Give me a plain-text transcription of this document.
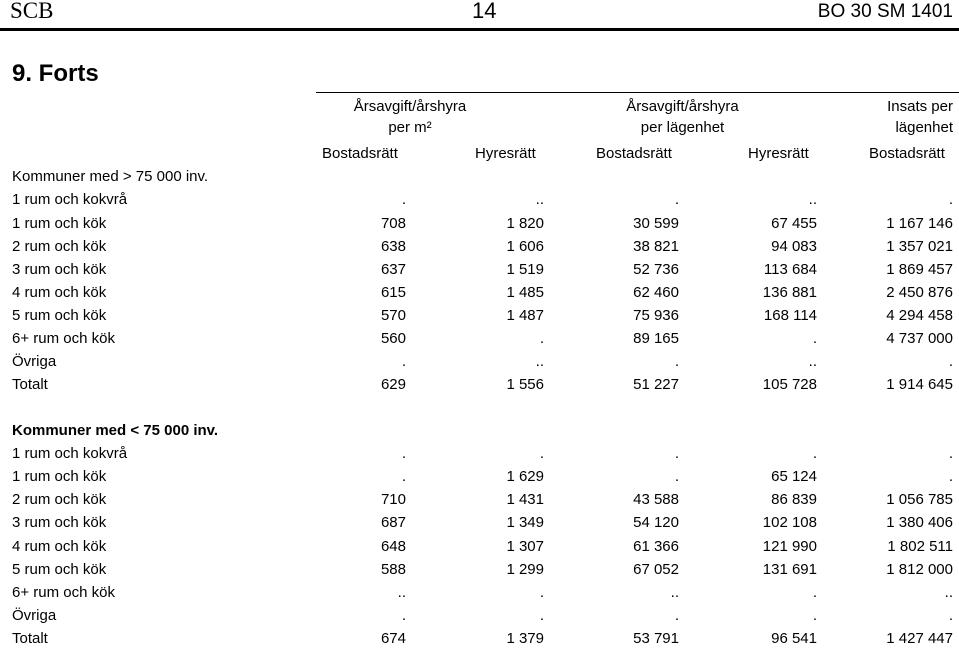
SCB	14	BO 30 SM 1401
9. Forts
Årsavgift/årshyra
per m²
Årsavgift/årshyra
per lägenhet
Insats per
lägenhet
Bostadsrätt	Hyresrätt	Bostadsrätt	Hyresrätt	Bostadsrätt
Kommuner med > 75 000 inv.
1 rum och kokvrå	.	..	.	..	.
1 rum och kök	708	1 820	30 599	67 455	1 167 146
2 rum och kök	638	1 606	38 821	94 083	1 357 021
3 rum och kök	637	1 519	52 736	113 684	1 869 457
4 rum och kök	615	1 485	62 460	136 881	2 450 876
5 rum och kök	570	1 487	75 936	168 114	4 294 458
6+ rum och kök	560	.	89 165	.	4 737 000
Övriga	.	..	.	..	.
Totalt	629	1 556	51 227	105 728	1 914 645
Kommuner med < 75 000 inv.
1 rum och kokvrå	.	.	.	.	.
1 rum och kök	.	1 629	.	65 124	.
2 rum och kök	710	1 431	43 588	86 839	1 056 785
3 rum och kök	687	1 349	54 120	102 108	1 380 406
4 rum och kök	648	1 307	61 366	121 990	1 802 511
5 rum och kök	588	1 299	67 052	131 691	1 812 000
6+ rum och kök	..	.	..	.	..
Övriga	.	.	.	.	.
Totalt	674	1 379	53 791	96 541	1 427 447
